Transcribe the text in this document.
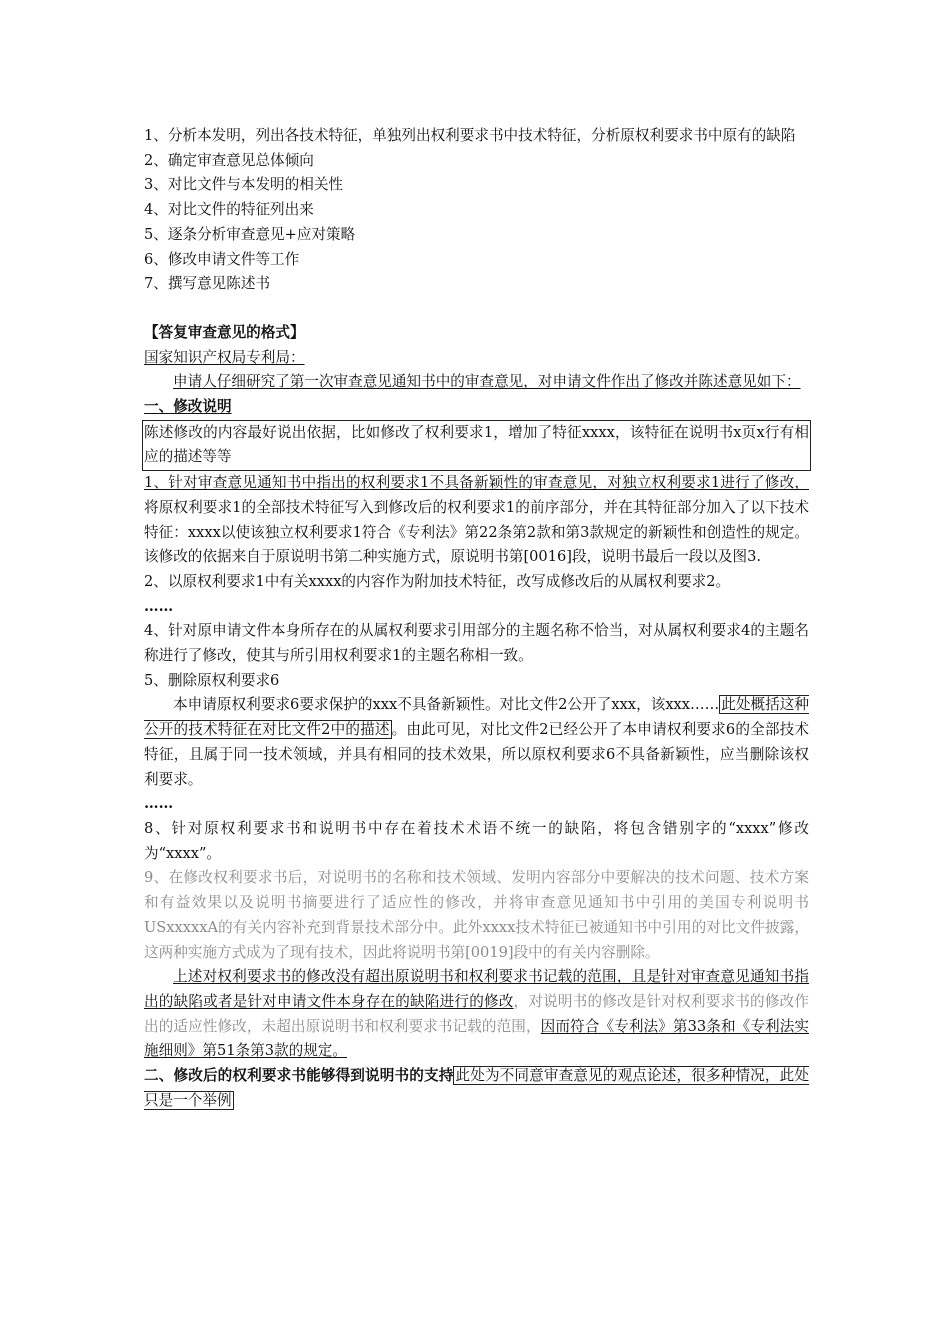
1、分析本发明，列出各技术特征，单独列出权利要求书中技术特征，分析原权利要求书中原有的缺陷
2、确定审查意见总体倾向
3、对比文件与本发明的相关性
4、对比文件的特征列出来
5、逐条分析审查意见+应对策略
6、修改申请文件等工作
7、撰写意见陈述书
【答复审查意见的格式】
国家知识产权局专利局：
申请人仔细研究了第一次审查意见通知书中的审查意见，对申请文件作出了修改并陈述意见如下：
一、修改说明
陈述修改的内容最好说出依据，比如修改了权利要求1，增加了特征xxxx，该特征在说明书x页x行有相应的描述等等
1、针对审查意见通知书中指出的权利要求1不具备新颖性的审查意见，对独立权利要求1进行了修改，将原权利要求1的全部技术特征写入到修改后的权利要求1的前序部分，并在其特征部分加入了以下技术特征：xxxx以使该独立权利要求1符合《专利法》第22条第2款和第3款规定的新颖性和创造性的规定。该修改的依据来自于原说明书第二种实施方式，原说明书第[0016]段，说明书最后一段以及图3.
2、以原权利要求1中有关xxxx的内容作为附加技术特征，改写成修改后的从属权利要求2。
……
4、针对原申请文件本身所存在的从属权利要求引用部分的主题名称不恰当，对从属权利要求4的主题名称进行了修改，使其与所引用权利要求1的主题名称相一致。
5、删除原权利要求6
本申请原权利要求6要求保护的xxx不具备新颖性。对比文件2公开了xxx，该xxx…… 此处概括这种公开的技术特征在对比文件2中的描述 。由此可见，对比文件2已经公开了本申请权利要求6的全部技术特征，且属于同一技术领域，并具有相同的技术效果，所以原权利要求6不具备新颖性，应当删除该权利要求。
……
8、针对原权利要求书和说明书中存在着技术术语不统一的缺陷，将包含错别字的“xxxx”修改为“xxxx”。
9、在修改权利要求书后，对说明书的名称和技术领域、发明内容部分中要解决的技术问题、技术方案和有益效果以及说明书摘要进行了适应性的修改，并将审查意见通知书中引用的美国专利说明书USxxxxxA的有关内容补充到背景技术部分中。此外xxxx技术特征已被通知书中引用的对比文件披露，这两种实施方式成为了现有技术，因此将说明书第[0019]段中的有关内容删除。
上述对权利要求书的修改没有超出原说明书和权利要求书记载的范围，且是针对审查意见通知书指出的缺陷或者是针对申请文件本身存在的缺陷进行的修改，对说明书的修改是针对权利要求书的修改作出的适应性修改，未超出原说明书和权利要求书记载的范围，因而符合《专利法》第33条和《专利法实施细则》第51条第3款的规定。
二、修改后的权利要求书能够得到说明书的支持 此处为不同意审查意见的观点论述，很多种情况，此处只是一个举例
